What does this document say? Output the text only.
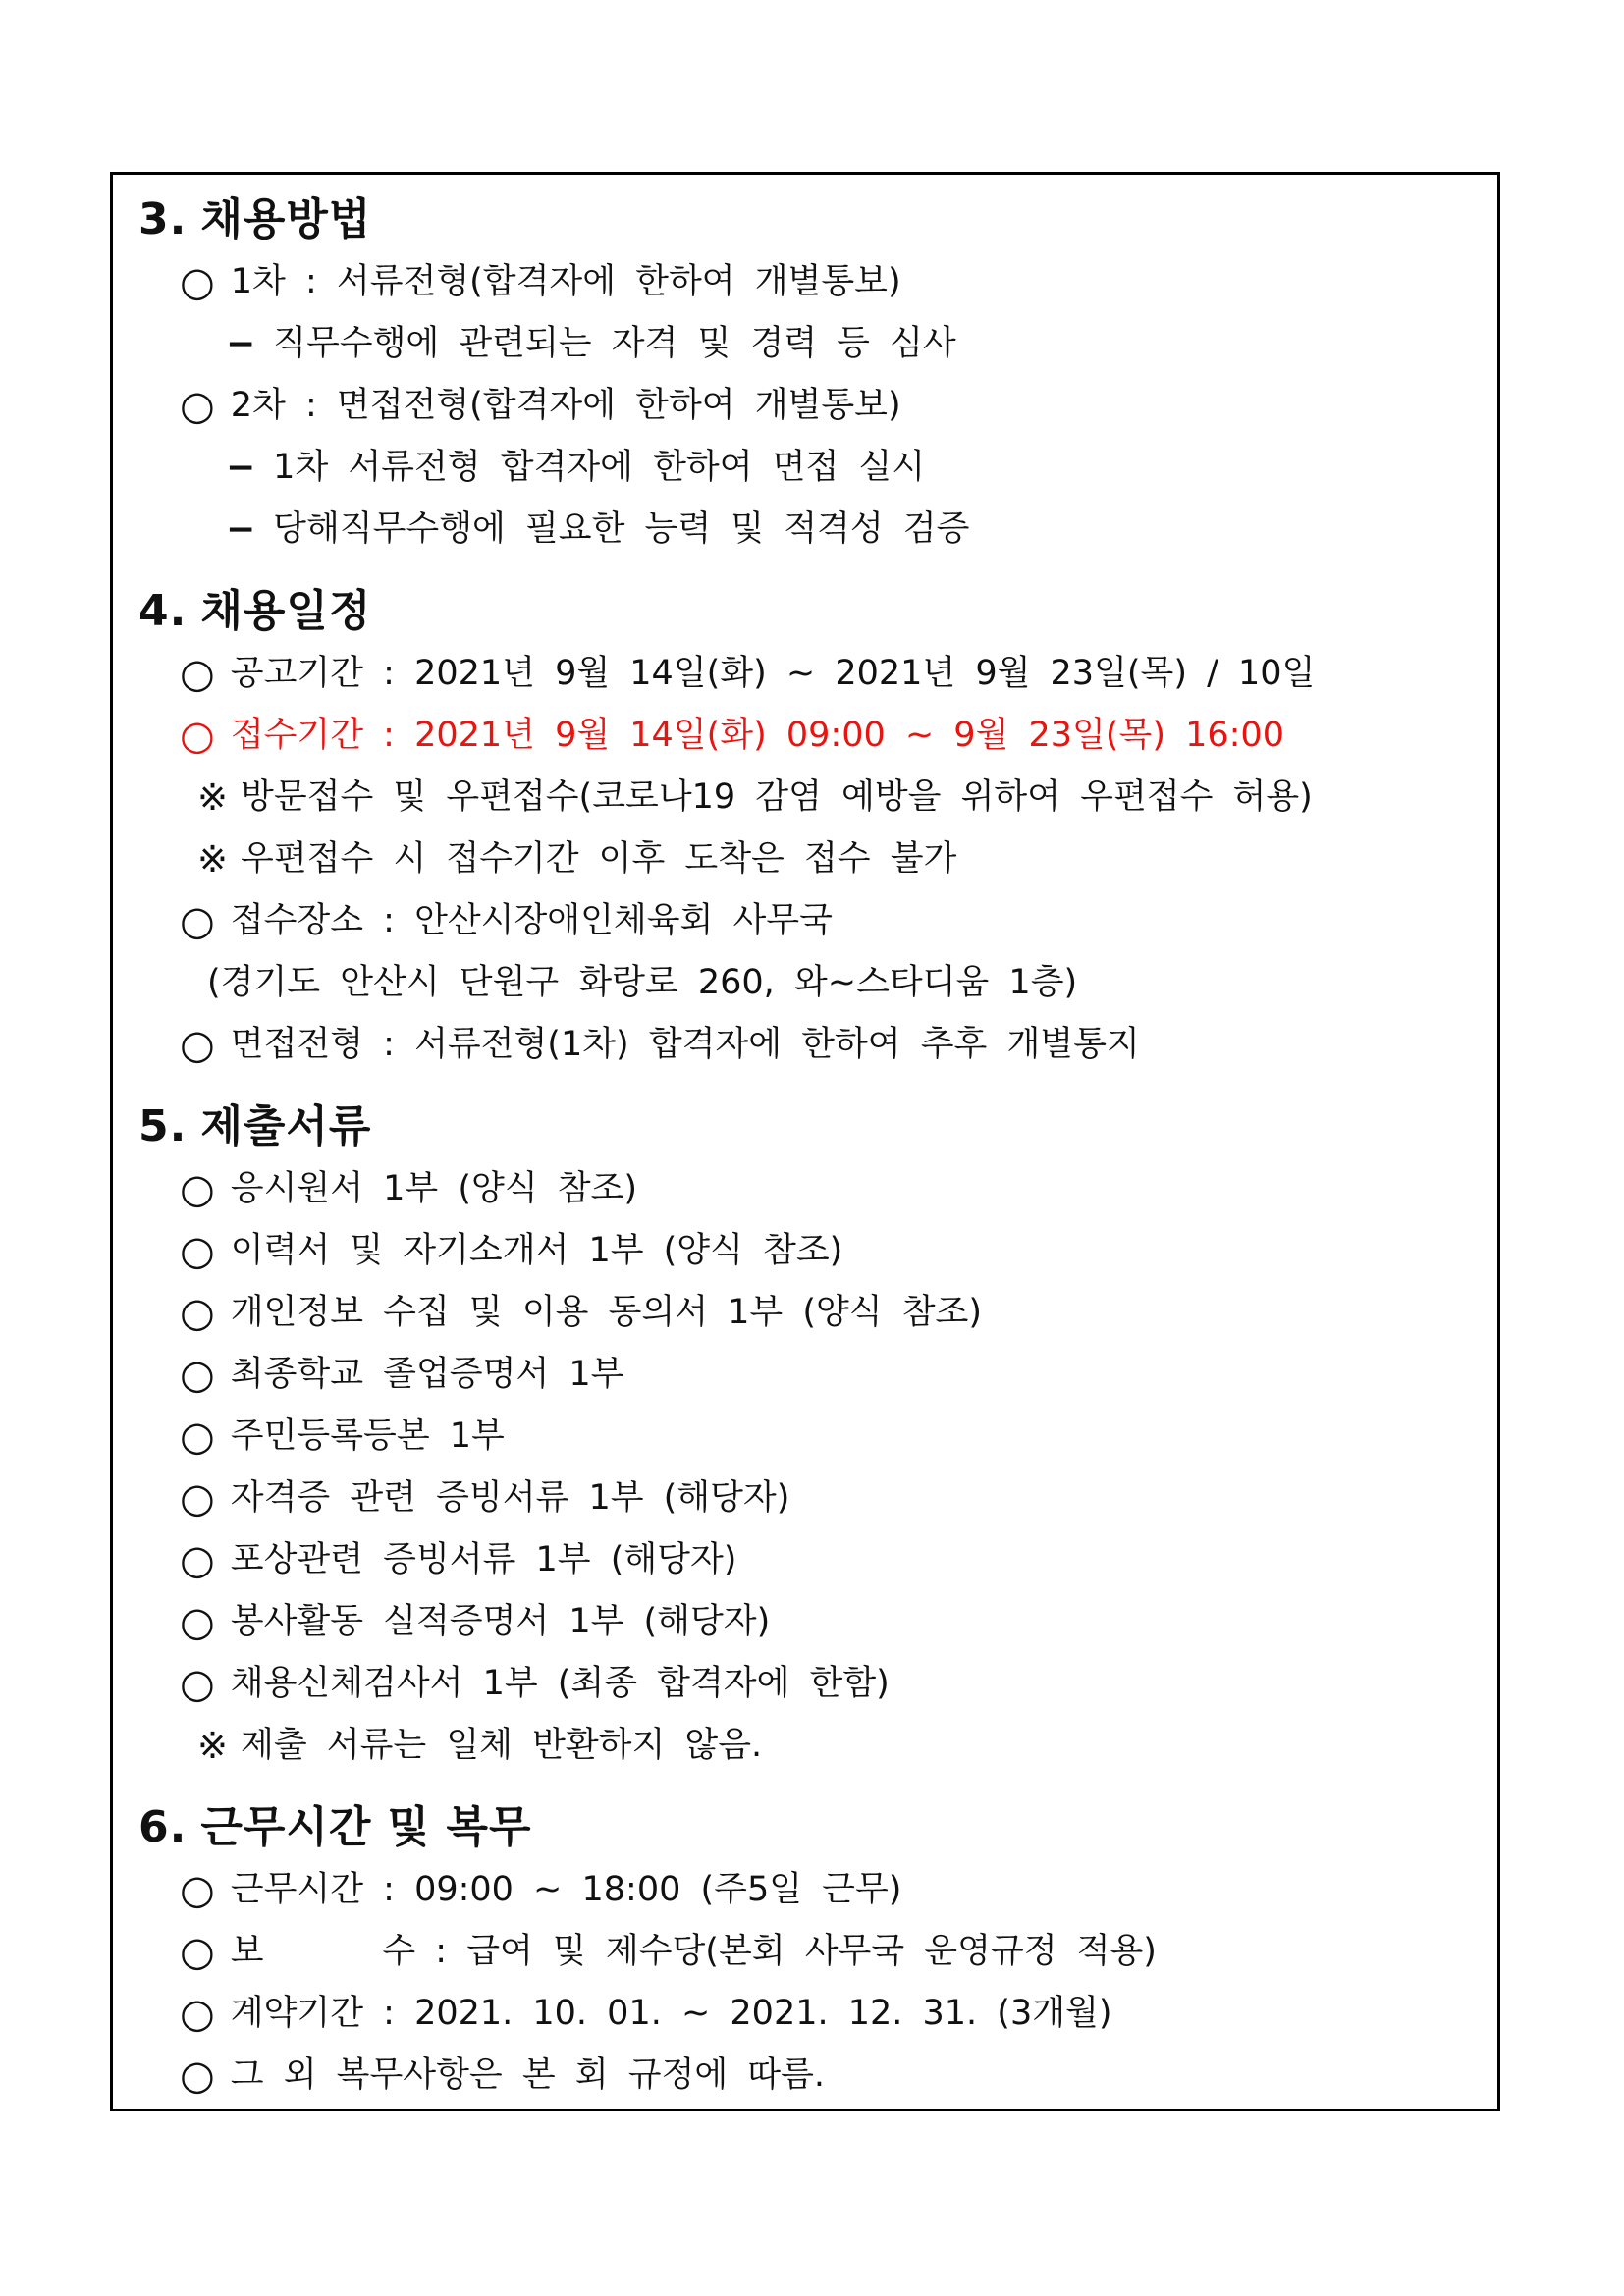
3. 채용방법
○ 1차 : 서류전형(합격자에 한하여 개별통보)
− 직무수행에 관련되는 자격 및 경력 등 심사
○ 2차 : 면접전형(합격자에 한하여 개별통보)
− 1차 서류전형 합격자에 한하여 면접 실시
− 당해직무수행에 필요한 능력 및 적격성 검증
4. 채용일정
○ 공고기간 : 2021년 9월 14일(화) ~ 2021년 9월 23일(목) / 10일
○ 접수기간 : 2021년 9월 14일(화) 09:00 ~ 9월 23일(목) 16:00
※ 방문접수 및 우편접수(코로나19 감염 예방을 위하여 우편접수 허용)
※ 우편접수 시 접수기간 이후 도착은 접수 불가
○ 접수장소 : 안산시장애인체육회 사무국
(경기도 안산시 단원구 화랑로 260, 와~스타디움 1층)
○ 면접전형 : 서류전형(1차) 합격자에 한하여 추후 개별통지
5. 제출서류
○ 응시원서 1부 (양식 참조)
○ 이력서 및 자기소개서 1부 (양식 참조)
○ 개인정보 수집 및 이용 동의서 1부 (양식 참조)
○ 최종학교 졸업증명서 1부
○ 주민등록등본 1부
○ 자격증 관련 증빙서류 1부 (해당자)
○ 포상관련 증빙서류 1부 (해당자)
○ 봉사활동 실적증명서 1부 (해당자)
○ 채용신체검사서 1부 (최종 합격자에 한함)
※ 제출 서류는 일체 반환하지 않음.
6. 근무시간 및 복무
○ 근무시간 : 09:00 ~ 18:00 (주5일 근무)
○ 보      수 : 급여 및 제수당(본회 사무국 운영규정 적용)
○ 계약기간 : 2021. 10. 01. ~ 2021. 12. 31. (3개월)
○ 그 외 복무사항은 본 회 규정에 따름.
